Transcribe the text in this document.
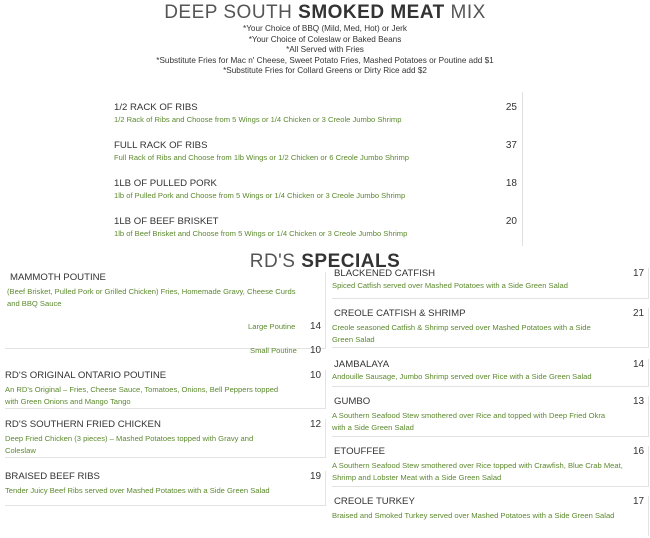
DEEP SOUTH SMOKED MEAT MIX
*Your Choice of BBQ (Mild, Med, Hot) or Jerk
*Your Choice of Coleslaw or Baked Beans
*All Served with Fries
*Substitute Fries for Mac n' Cheese, Sweet Potato Fries, Mashed Potatoes or Poutine add $1
*Substitute Fries for Collard Greens or Dirty Rice add $2
1/2 RACK OF RIBS
1/2 Rack of Ribs and Choose from 5 Wings or 1/4 Chicken or 3 Creole Jumbo Shrimp
25
FULL RACK OF RIBS
Full Rack of Ribs and Choose from 1lb Wings or 1/2 Chicken or 6 Creole Jumbo Shrimp
37
1LB OF PULLED PORK
1lb of Pulled Pork and Choose from 5 Wings or 1/4 Chicken or 3 Creole Jumbo Shrimp
18
1LB OF BEEF BRISKET
1lb of Beef Brisket and Choose from 5 Wings or 1/4 Chicken or 3 Creole Jumbo Shrimp
20
RD'S SPECIALS
MAMMOTH POUTINE
(Beef Brisket, Pulled Pork or Grilled Chicken) Fries, Homemade Gravy, Cheese Curds and BBQ Sauce
Large Poutine 14
Small Poutine 10
RD'S ORIGINAL ONTARIO POUTINE
An RD's Original – Fries, Cheese Sauce, Tomatoes, Onions, Bell Peppers topped with Green Onions and Mango Tango
10
RD'S SOUTHERN FRIED CHICKEN
Deep Fried Chicken (3 pieces) – Mashed Potatoes topped with Gravy and Coleslaw
12
BRAISED BEEF RIBS
Tender Juicy Beef Ribs served over Mashed Potatoes with a Side Green Salad
19
BLACKENED CATFISH
Spiced Catfish served over Mashed Potatoes with a Side Green Salad
17
CREOLE CATFISH & SHRIMP
Creole seasoned Catfish & Shrimp served over Mashed Potatoes with a Side Green Salad
21
JAMBALAYA
Andouille Sausage, Jumbo Shrimp served over Rice with a Side Green Salad
14
GUMBO
A Southern Seafood Stew smothered over Rice and topped with Deep Fried Okra with a Side Green Salad
13
ETOUFFEE
A Southern Seafood Stew smothered over Rice topped with Crawfish, Blue Crab Meat, Shrimp and Lobster Meat with a Side Green Salad
16
CREOLE TURKEY
Braised and Smoked Turkey served over Mashed Potatoes with a Side Green Salad
17
